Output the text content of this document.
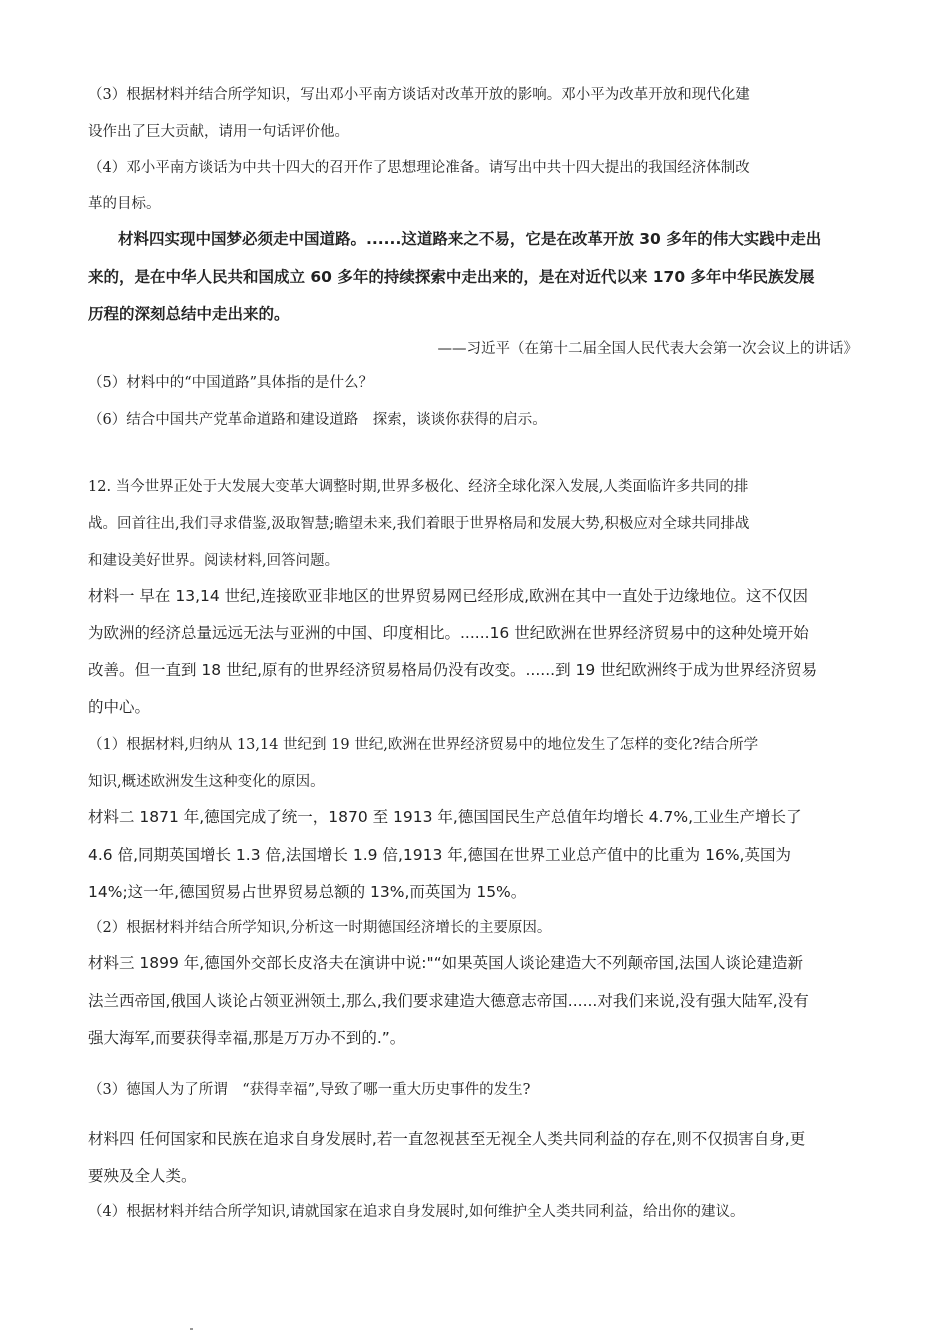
（3）根据材料并结合所学知识，写出邓小平南方谈话对改革开放的影响。邓小平为改革开放和现代化建
设作出了巨大贡献，请用一句话评价他。
（4）邓小平南方谈话为中共十四大的召开作了思想理论准备。请写出中共十四大提出的我国经济体制改
革的目标。
材料四实现中国梦必须走中国道路。......这道路来之不易，它是在改革开放 30 多年的伟大实践中走出
来的，是在中华人民共和国成立 60 多年的持续探索中走出来的，是在对近代以来 170 多年中华民族发展
历程的深刻总结中走出来的。
——习近平（在第十二届全国人民代表大会第一次会议上的讲话》
（5）材料中的“中国道路”具体指的是什么？
（6）结合中国共产党革命道路和建设道路　探索，谈谈你获得的启示。
12. 当今世界正处于大发展大变革大调整时期,世界多极化、经济全球化深入发展,人类面临许多共同的排
战。回首往出,我们寻求借鉴,汲取智慧;瞻望未来,我们着眼于世界格局和发展大势,积极应对全球共同排战
和建设美好世界。阅读材料,回答问题。
材料一 早在 13,14 世纪,连接欧亚非地区的世界贸易网已经形成,欧洲在其中一直处于边缘地位。这不仅因
为欧洲的经济总量远远无法与亚洲的中国、印度相比。......16 世纪欧洲在世界经济贸易中的这种处境开始
改善。但一直到 18 世纪,原有的世界经济贸易格局仍没有改变。......到 19 世纪欧洲终于成为世界经济贸易
的中心。
（1）根据材料,归纳从 13,14 世纪到 19 世纪,欧洲在世界经济贸易中的地位发生了怎样的变化?结合所学
知识,概述欧洲发生这种变化的原因。
材料二 1871 年,德国完成了统一，1870 至 1913 年,德国国民生产总值年均增长 4.7%,工业生产增长了
4.6 倍,同期英国增长 1.3 倍,法国增长 1.9 倍,1913 年,德国在世界工业总产值中的比重为 16%,英国为
14%;这一年,德国贸易占世界贸易总额的 13%,而英国为 15%。
（2）根据材料并结合所学知识,分析这一时期德国经济增长的主要原因。
材料三 1899 年,德国外交部长皮洛夫在演讲中说:"“如果英国人谈论建造大不列颠帝国,法国人谈论建造新
法兰西帝国,俄国人谈论占领亚洲领土,那么,我们要求建造大德意志帝国......对我们来说,没有强大陆军,没有
强大海军,而要获得幸福,那是万万办不到的.”。
（3）德国人为了所谓　“获得幸福”,导致了哪一重大历史事件的发生?
材料四 任何国家和民族在追求自身发展时,若一直忽视甚至无视全人类共同利益的存在,则不仅损害自身,更
要殃及全人类。
（4）根据材料并结合所学知识,请就国家在追求自身发展时,如何维护全人类共同利益，给出你的建议。
